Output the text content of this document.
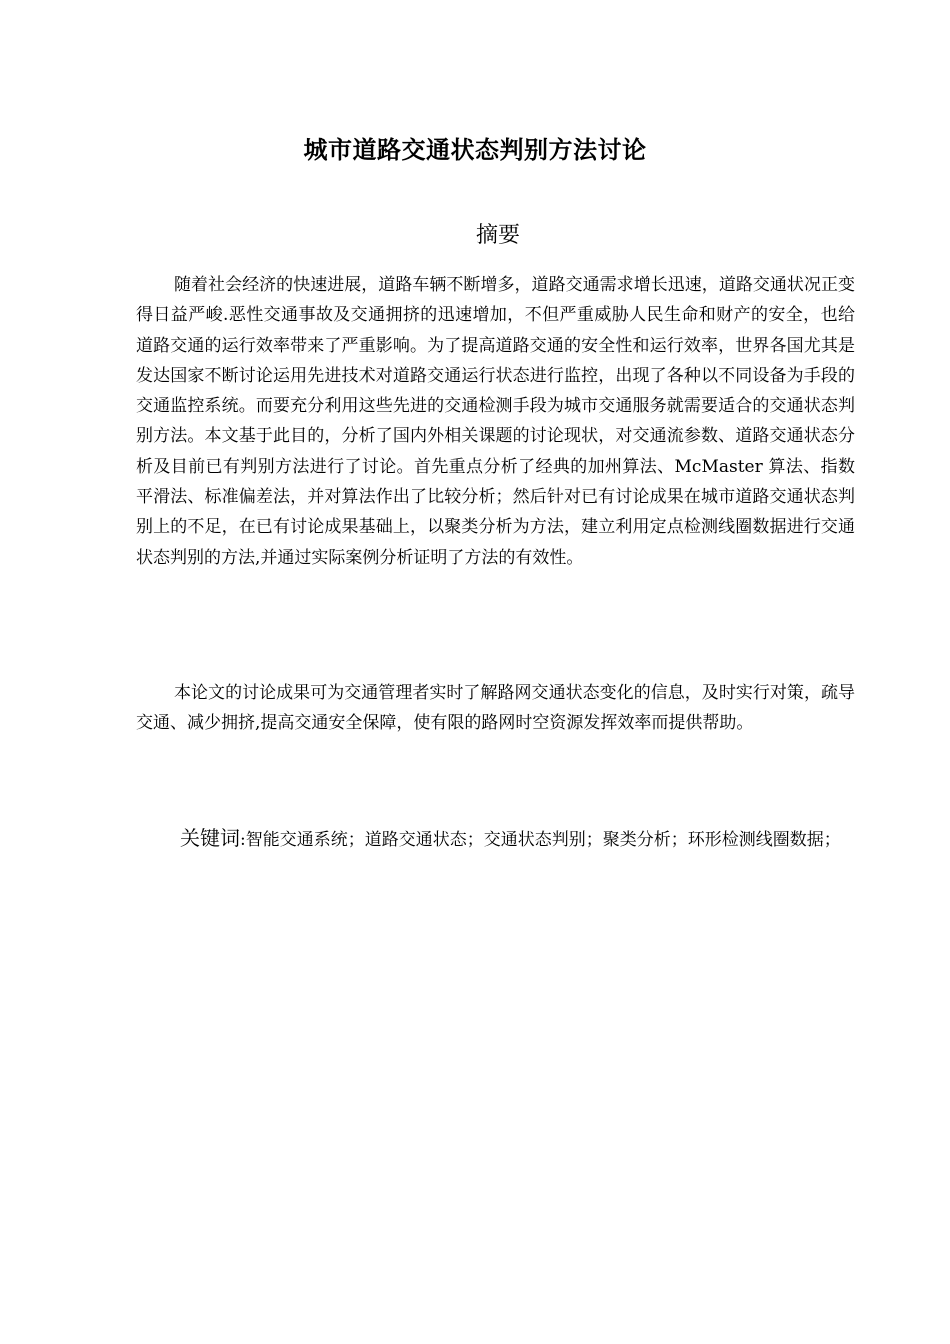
城市道路交通状态判别方法讨论
摘要

随着社会经济的快速进展，道路车辆不断增多，道路交通需求增长迅速，道路交通状况正变得日益严峻.恶性交通事故及交通拥挤的迅速增加，不但严重威胁人民生命和财产的安全，也给道路交通的运行效率带来了严重影响。为了提高道路交通的安全性和运行效率，世界各国尤其是发达国家不断讨论运用先进技术对道路交通运行状态进行监控，出现了各种以不同设备为手段的交通监控系统。而要充分利用这些先进的交通检测手段为城市交通服务就需要适合的交通状态判别方法。本文基于此目的，分析了国内外相关课题的讨论现状，对交通流参数、道路交通状态分析及目前已有判别方法进行了讨论。首先重点分析了经典的加州算法、McMaster 算法、指数平滑法、标准偏差法，并对算法作出了比较分析；然后针对已有讨论成果在城市道路交通状态判别上的不足，在已有讨论成果基础上，以聚类分析为方法，建立利用定点检测线圈数据进行交通状态判别的方法,并通过实际案例分析证明了方法的有效性。

本论文的讨论成果可为交通管理者实时了解路网交通状态变化的信息，及时实行对策，疏导交通、减少拥挤,提高交通安全保障，使有限的路网时空资源发挥效率而提供帮助。

关键词:智能交通系统；道路交通状态；交通状态判别；聚类分析；环形检测线圈数据；
